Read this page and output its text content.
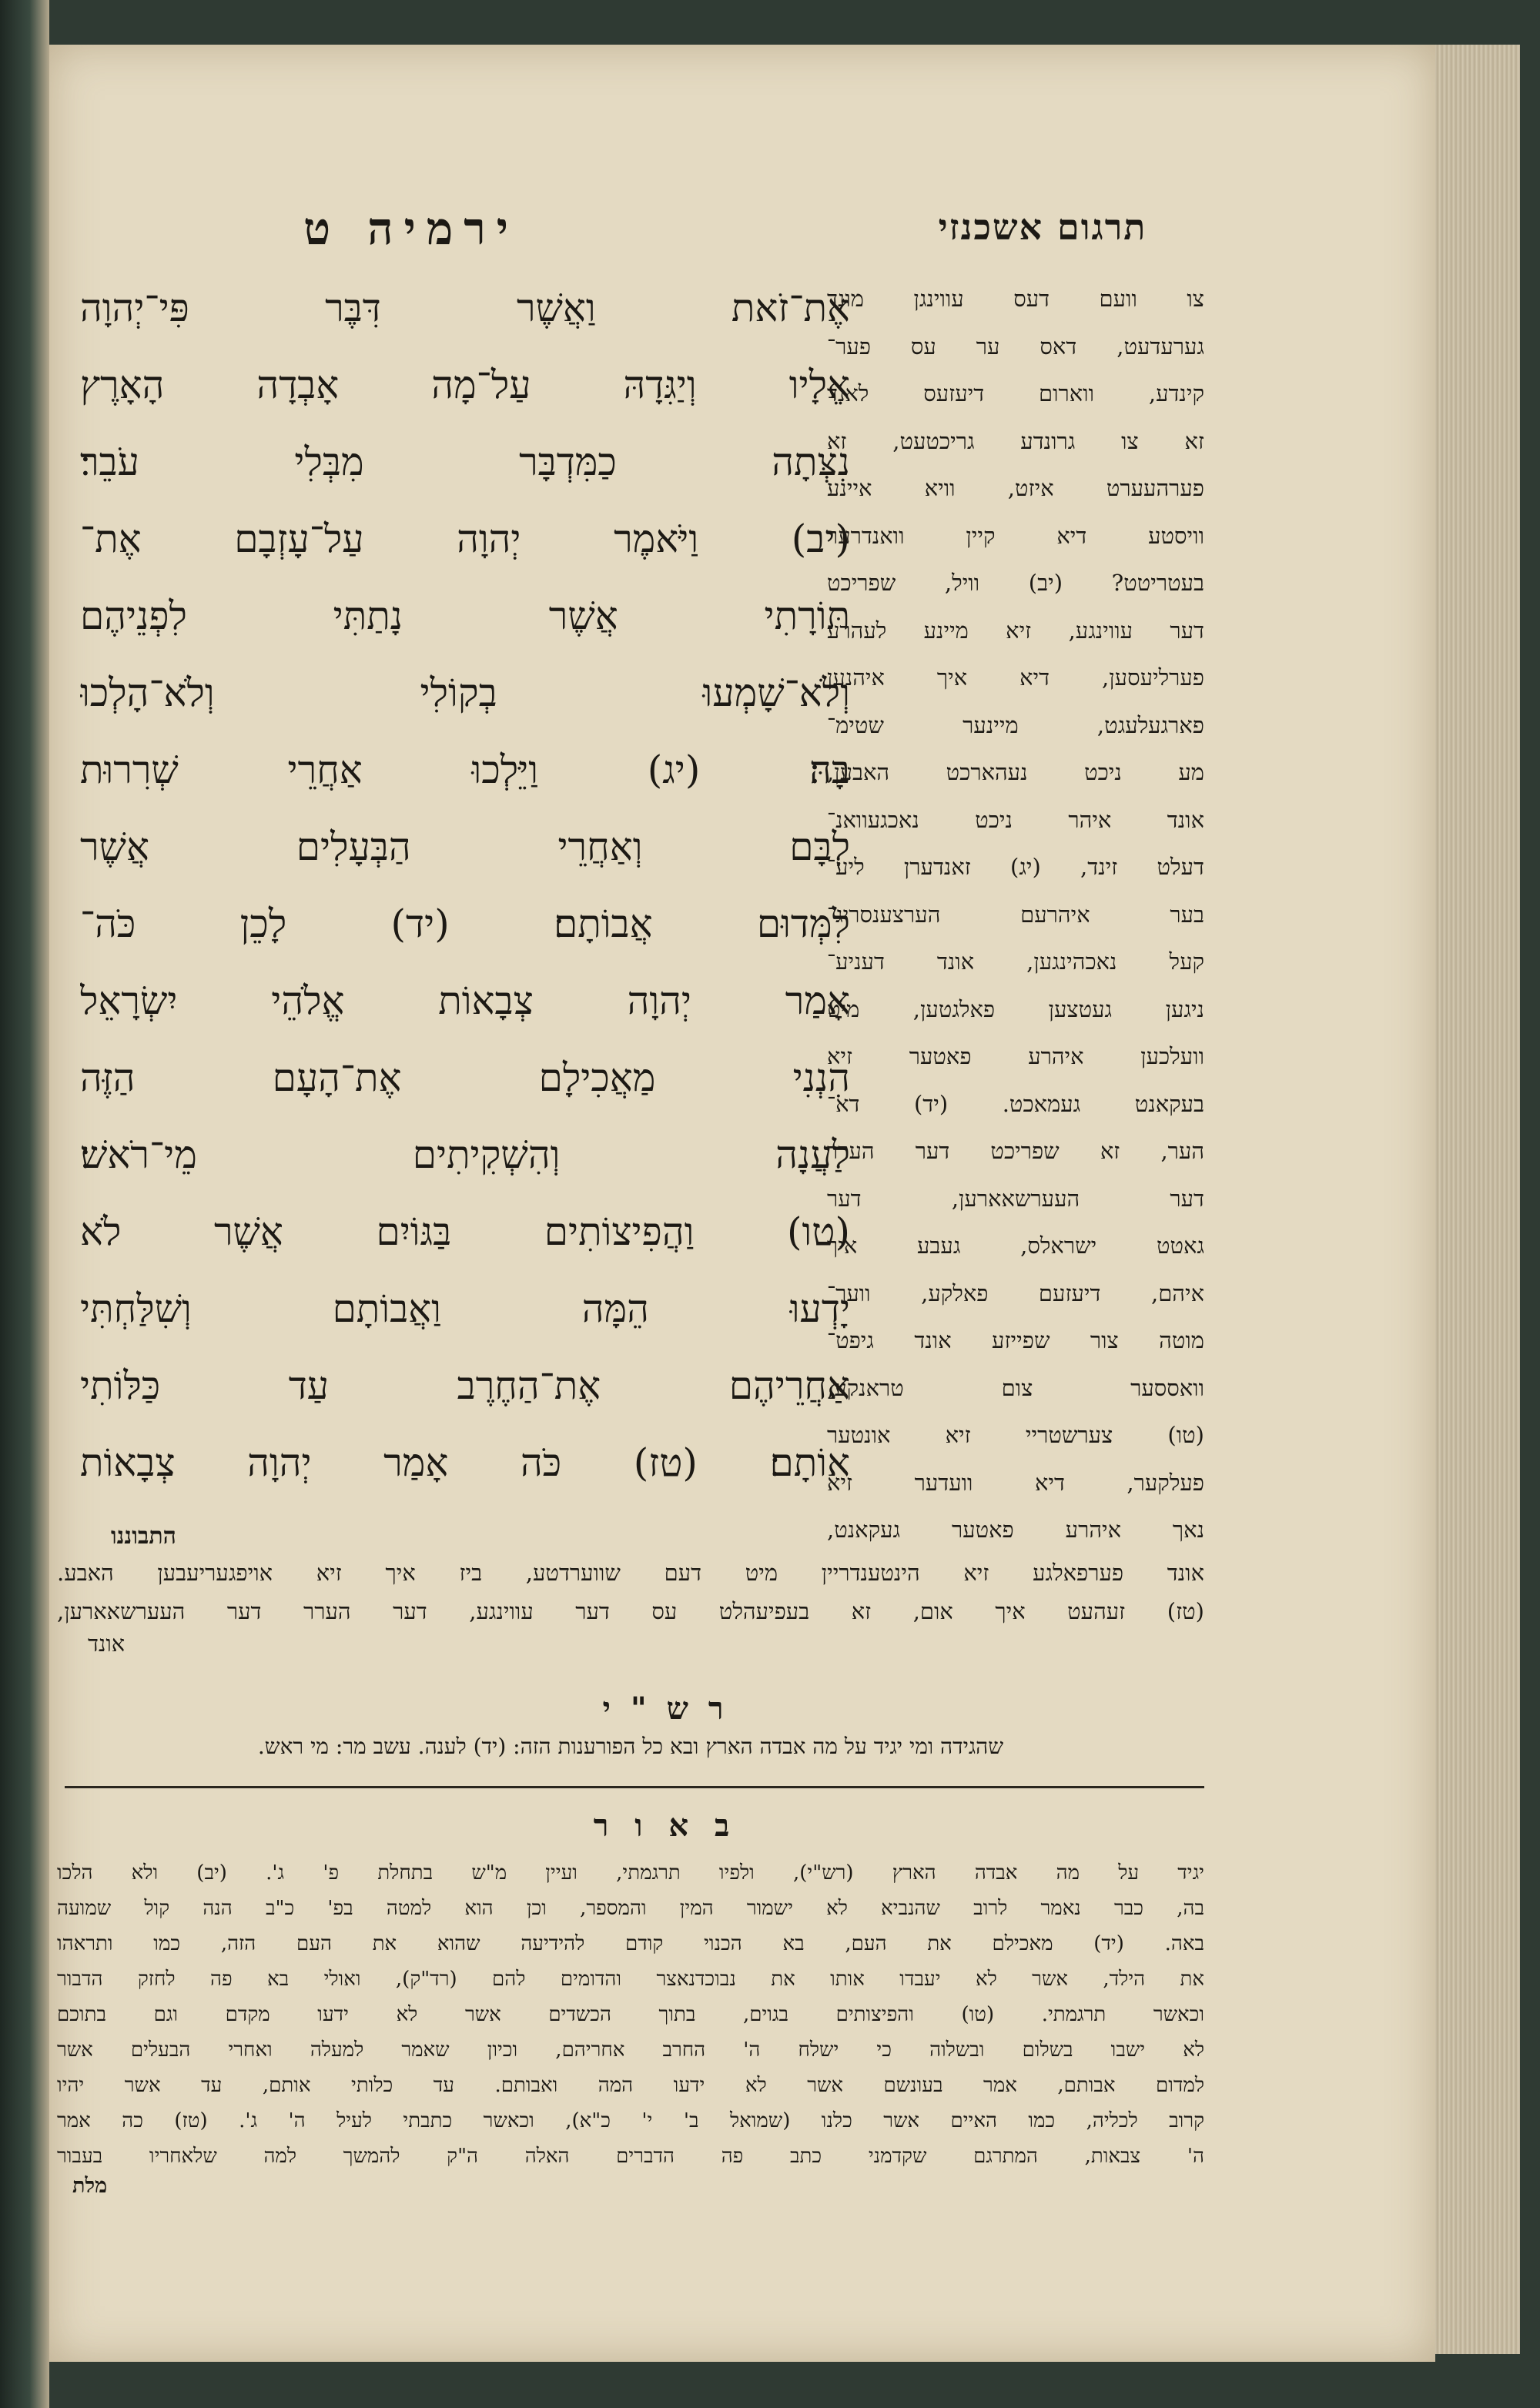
תרגום אשכנזי
ירמיה ט
אֶת־זֹאת וַאֲשֶׁר דִּבֶּר פִּי־יְהוָה
אֵלָיו וְיַגִּדָהּ עַל־מָה אָבְדָה הָאָרֶץ
נִצְּתָה כַמִּדְבָּר מִבְּלִי עֹבֵר׃
(יב) וַיֹּאמֶר יְהוָה עַל־עָזְבָם אֶת־
תּוֹרָתִי אֲשֶׁר נָתַתִּי לִפְנֵיהֶם
וְלֹא־שָׁמְעוּ בְקוֹלִי וְלֹא־הָלְכוּ
בָהּ׃ (יג) וַיֵּלְכוּ אַחֲרֵי שְׁרִרוּת
לִבָּם וְאַחֲרֵי הַבְּעָלִים אֲשֶׁר
לִמְּדוּם אֲבוֹתָם׃ (יד) לָכֵן כֹּה־
אָמַר יְהוָה צְבָאוֹת אֱלֹהֵי יִשְׂרָאֵל
הִנְנִי מַאֲכִילָם אֶת־הָעָם הַזֶּה
לַעֲנָה וְהִשְׁקִיתִים מֵי־רֹאשׁ׃
(טו) וַהֲפִיצוֹתִים בַּגּוֹיִם אֲשֶׁר לֹא
יָדְעוּ הֵמָּה וַאֲבוֹתָם וְשִׁלַּחְתִּי
אַחֲרֵיהֶם אֶת־הַחֶרֶב עַד כַּלּוֹתִי
אוֹתָם׃ (טז) כֹּה אָמַר יְהוָה צְבָאוֹת
התבוננו
צו וועם דעס עווינגן מונד
גערעדעט, דאס ער עס פער־
קינדע, ווארום דיעזעס לאנד
זא צו גרונדע גריכטעט, זא
פערהעערט איזט, וויא איינע
וויסטע דיא קיין וואנדרער
בעטריטט? (יב) וויל, שפריכט
דער עווינגע, זיא מיינע לעהרע
פערליעסען, דיא איך איהנען
פארגעלעגט, מיינער שטימ־
מע ניכט נעהארכט האבען,
אונד איהר ניכט נאכגעוואנ־
דעלט זינד, (יג) זאנדערן ליע־
בער איהרעם הערצענסריג־
קעל נאכהינגען, אונד דעניע־
ניגען געטצען פאלגטען, מיט
וועלכען איהרע פאטער זיא
בעקאנט געמאכט. (יד) דא־
הער, זא שפריכט דער הערר
דער העערשאארען, דער
גאטט ישראלס, געבע איך
איהם, דיעזעם פאלקע, ווער־
מוטה צור שפייזע אונד גיפט־
וואססער צום טראנקע,
(טו) צערשטריי זיא אונטער
פעלקער, דיא וועדער זיא
נאך איהרע פאטער געקאנט,
אונד פערפאלגע זיא הינטענדריין מיט דעם שווערדטע, ביז איך זיא אויפגעריעבען האבע.
(טז) זעהעט איך אום, זא בעפיעהלט עס דער עווינגע, דער הערר דער העערשאארען,
אונד
ר ש " י
שהגידה ומי יגיד על מה אבדה הארץ ובא כל הפורענות הזה: (יד) לענה. עשב מר: מי ראש.
ב א ו ר
יגיד על מה אבדה הארץ (רש"י), ולפיו תרגמתי, ועיין מ"ש בתחלת פ' ג'. (יב) ולא הלכו
בה, כבר נאמר לרוב שהנביא לא ישמור המין והמספר, וכן הוא למטה בפ' כ"ב הנה קול שמועה
באה. (יד) מאכילם את העם, בא הכנוי קודם להידיעה שהוא את העם הזה, כמו ותראהו
את הילד, אשר לא יעבדו אותו את נבוכדנאצר והדומים להם (רד"ק), ואולי בא פה לחזק הדבור
וכאשר תרגמתי. (טו) והפיצותים בגוים, בתוך הכשדים אשר לא ידעו מקדם וגם בתוכם
לא ישבו בשלום ובשלוה כי ישלח ה' החרב אחריהם, וכיון שאמר למעלה ואחרי הבעלים אשר
למדום אבותם, אמר בעונשם אשר לא ידעו המה ואבותם. עד כלותי אותם, עד אשר יהיו
קרוב לכליה, כמו האיים אשר כלנו (שמואל ב' י' כ"א), וכאשר כתבתי לעיל ה' ג'. (טז) כה אמר
ה' צבאות, המתרגם שקדמני כתב פה הדברים האלה ה"ק להמשך למה שלאחריו בעבור
מלת
